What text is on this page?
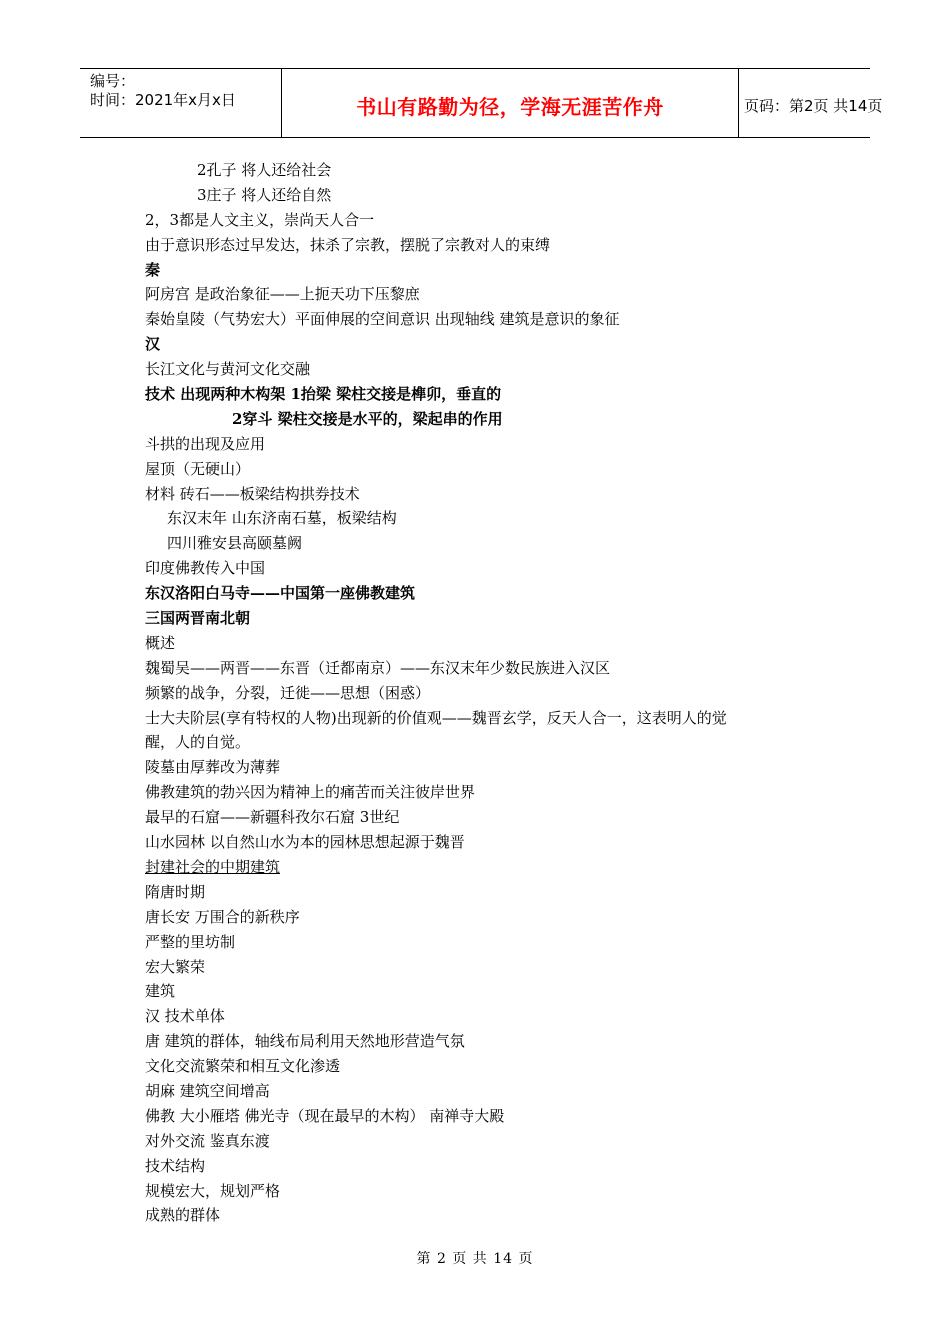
编号：
时间：2021年x月x日	书山有路勤为径，学海无涯苦作舟	页码：第2页 共14页
2孔子 将人还给社会
3庄子 将人还给自然
2，3都是人文主义，崇尚天人合一
由于意识形态过早发达，抹杀了宗教，摆脱了宗教对人的束缚
秦
阿房宫 是政治象征——上扼天功下压黎庶
秦始皇陵（气势宏大）平面伸展的空间意识 出现轴线 建筑是意识的象征
汉
长江文化与黄河文化交融
技术 出现两种木构架 1抬梁 梁柱交接是榫卯，垂直的
2穿斗 梁柱交接是水平的，梁起串的作用
斗拱的出现及应用
屋顶（无硬山）
材料 砖石——板梁结构拱券技术
东汉末年 山东济南石墓，板梁结构
四川雅安县高颐墓阙
印度佛教传入中国
东汉洛阳白马寺——中国第一座佛教建筑
三国两晋南北朝
概述
魏蜀吴——两晋——东晋（迁都南京）——东汉末年少数民族进入汉区
频繁的战争，分裂，迁徙——思想（困惑）
士大夫阶层(享有特权的人物)出现新的价值观——魏晋玄学，反天人合一，这表明人的觉
醒，人的自觉。
陵墓由厚葬改为薄葬
佛教建筑的勃兴因为精神上的痛苦而关注彼岸世界
最早的石窟——新疆科孜尔石窟 3世纪
山水园林 以自然山水为本的园林思想起源于魏晋
封建社会的中期建筑
隋唐时期
唐长安 万围合的新秩序
严整的里坊制
宏大繁荣
建筑
汉 技术单体
唐 建筑的群体，轴线布局利用天然地形营造气氛
文化交流繁荣和相互文化渗透
胡麻 建筑空间增高
佛教 大小雁塔 佛光寺（现在最早的木构） 南禅寺大殿
对外交流 鉴真东渡
技术结构
规模宏大，规划严格
成熟的群体
第 2 页 共 14 页
